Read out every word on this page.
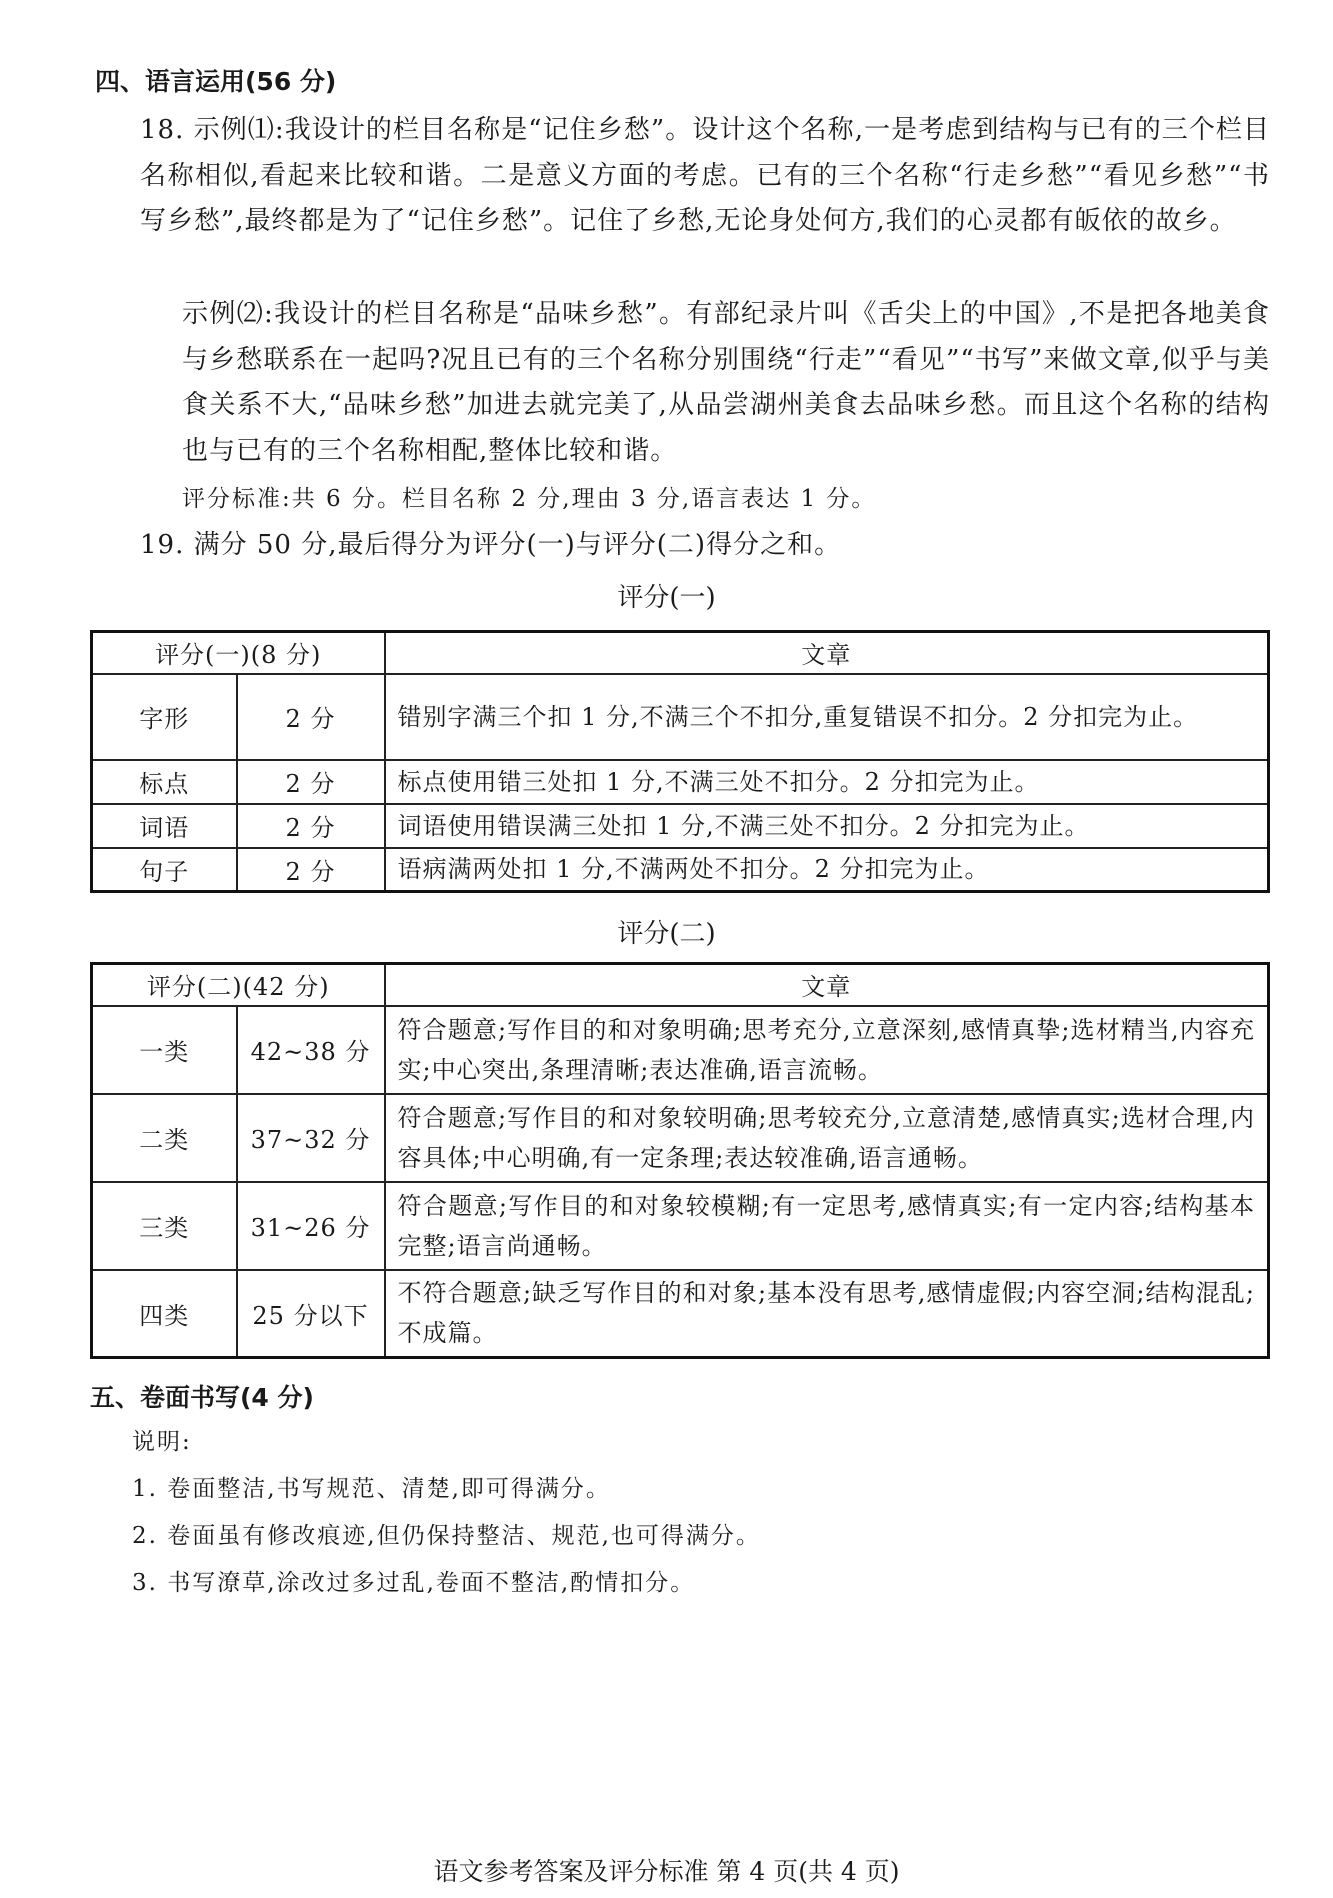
四、语言运用(56 分)
18. 示例⑴:我设计的栏目名称是“记住乡愁”。设计这个名称,一是考虑到结构与已有的三个栏目名称相似,看起来比较和谐。二是意义方面的考虑。已有的三个名称“行走乡愁”“看见乡愁”“书写乡愁”,最终都是为了“记住乡愁”。记住了乡愁,无论身处何方,我们的心灵都有皈依的故乡。
示例⑵:我设计的栏目名称是“品味乡愁”。有部纪录片叫《舌尖上的中国》,不是把各地美食与乡愁联系在一起吗?况且已有的三个名称分别围绕“行走”“看见”“书写”来做文章,似乎与美食关系不大,“品味乡愁”加进去就完美了,从品尝湖州美食去品味乡愁。而且这个名称的结构也与已有的三个名称相配,整体比较和谐。
评分标准:共 6 分。栏目名称 2 分,理由 3 分,语言表达 1 分。
19. 满分 50 分,最后得分为评分(一)与评分(二)得分之和。
评分(一)
评分(一)(8 分)		文章
字形	2 分	错别字满三个扣 1 分,不满三个不扣分,重复错误不扣分。2 分扣完为止。
标点	2 分	标点使用错三处扣 1 分,不满三处不扣分。2 分扣完为止。
词语	2 分	词语使用错误满三处扣 1 分,不满三处不扣分。2 分扣完为止。
句子	2 分	语病满两处扣 1 分,不满两处不扣分。2 分扣完为止。
评分(二)
评分(二)(42 分)		文章
一类	42~38 分	符合题意;写作目的和对象明确;思考充分,立意深刻,感情真挚;选材精当,内容充实;中心突出,条理清晰;表达准确,语言流畅。
二类	37~32 分	符合题意;写作目的和对象较明确;思考较充分,立意清楚,感情真实;选材合理,内容具体;中心明确,有一定条理;表达较准确,语言通畅。
三类	31~26 分	符合题意;写作目的和对象较模糊;有一定思考,感情真实;有一定内容;结构基本完整;语言尚通畅。
四类	25 分以下	不符合题意;缺乏写作目的和对象;基本没有思考,感情虚假;内容空洞;结构混乱;不成篇。
五、卷面书写(4 分)
说明:
1. 卷面整洁,书写规范、清楚,即可得满分。
2. 卷面虽有修改痕迹,但仍保持整洁、规范,也可得满分。
3. 书写潦草,涂改过多过乱,卷面不整洁,酌情扣分。
语文参考答案及评分标准 第 4 页(共 4 页)
